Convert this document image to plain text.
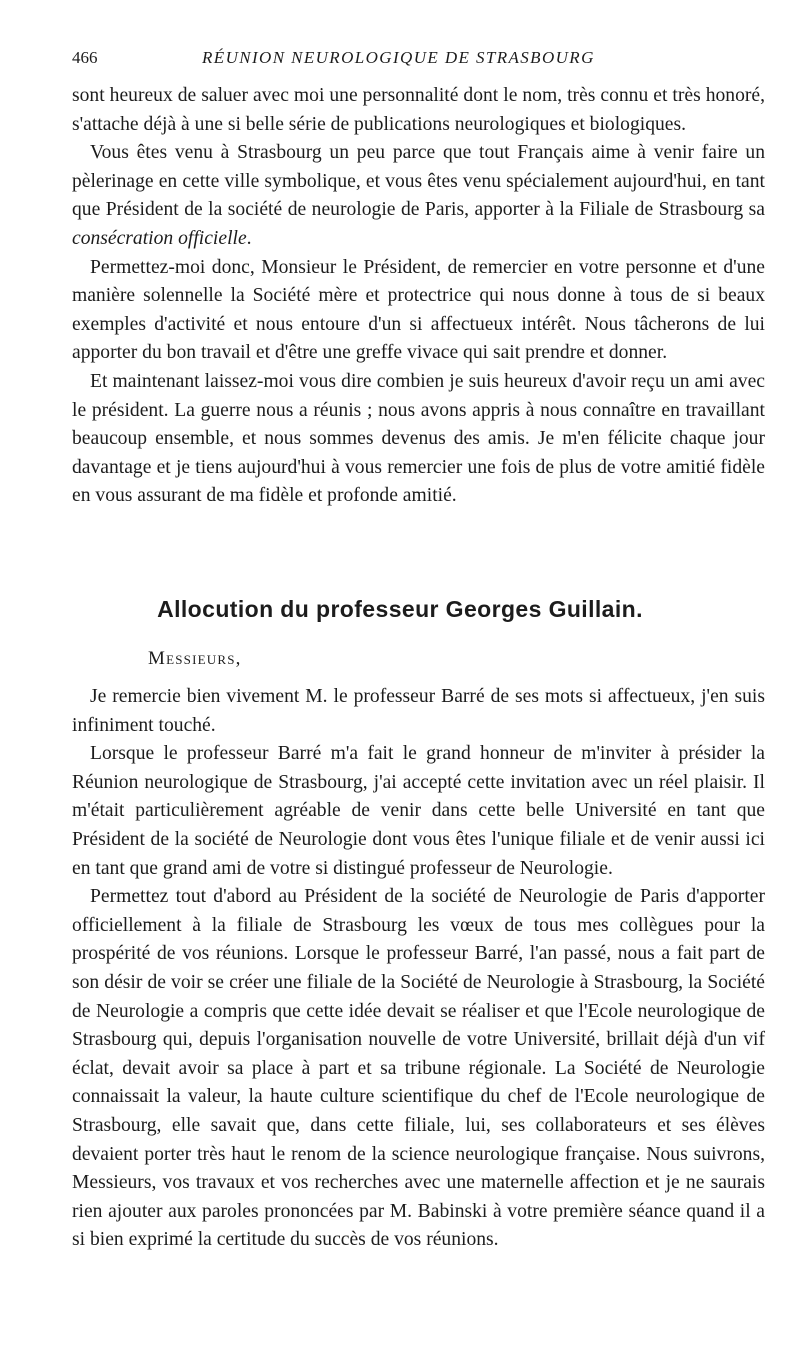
466	RÉUNION NEUROLOGIQUE DE STRASBOURG

sont heureux de saluer avec moi une personnalité dont le nom, très connu et très honoré, s'attache déjà à une si belle série de publications neurologiques et biologiques.

Vous êtes venu à Strasbourg un peu parce que tout Français aime à venir faire un pèlerinage en cette ville symbolique, et vous êtes venu spécialement aujourd'hui, en tant que Président de la société de neurologie de Paris, apporter à la Filiale de Strasbourg sa consécration officielle.

Permettez-moi donc, Monsieur le Président, de remercier en votre personne et d'une manière solennelle la Société mère et protectrice qui nous donne à tous de si beaux exemples d'activité et nous entoure d'un si affectueux intérêt. Nous tâcherons de lui apporter du bon travail et d'être une greffe vivace qui sait prendre et donner.

Et maintenant laissez-moi vous dire combien je suis heureux d'avoir reçu un ami avec le président. La guerre nous a réunis ; nous avons appris à nous connaître en travaillant beaucoup ensemble, et nous sommes devenus des amis. Je m'en félicite chaque jour davantage et je tiens aujourd'hui à vous remercier une fois de plus de votre amitié fidèle en vous assurant de ma fidèle et profonde amitié.

Allocution du professeur Georges Guillain.
Messieurs,

Je remercie bien vivement M. le professeur Barré de ses mots si affectueux, j'en suis infiniment touché.

Lorsque le professeur Barré m'a fait le grand honneur de m'inviter à présider la Réunion neurologique de Strasbourg, j'ai accepté cette invitation avec un réel plaisir. Il m'était particulièrement agréable de venir dans cette belle Université en tant que Président de la société de Neurologie dont vous êtes l'unique filiale et de venir aussi ici en tant que grand ami de votre si distingué professeur de Neurologie.

Permettez tout d'abord au Président de la société de Neurologie de Paris d'apporter officiellement à la filiale de Strasbourg les vœux de tous mes collègues pour la prospérité de vos réunions. Lorsque le professeur Barré, l'an passé, nous a fait part de son désir de voir se créer une filiale de la Société de Neurologie à Strasbourg, la Société de Neurologie a compris que cette idée devait se réaliser et que l'Ecole neurologique de Strasbourg qui, depuis l'organisation nouvelle de votre Université, brillait déjà d'un vif éclat, devait avoir sa place à part et sa tribune régionale. La Société de Neurologie connaissait la valeur, la haute culture scientifique du chef de l'Ecole neurologique de Strasbourg, elle savait que, dans cette filiale, lui, ses collaborateurs et ses élèves devaient porter très haut le renom de la science neurologique française. Nous suivrons, Messieurs, vos travaux et vos recherches avec une maternelle affection et je ne saurais rien ajouter aux paroles prononcées par M. Babinski à votre première séance quand il a si bien exprimé la certitude du succès de vos réunions.
